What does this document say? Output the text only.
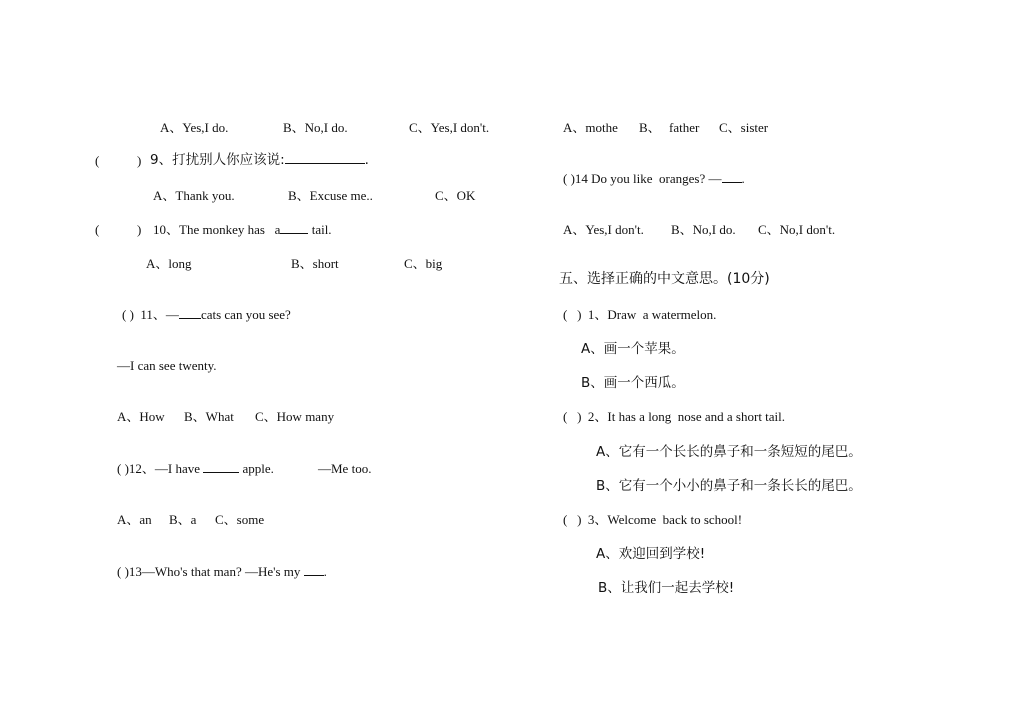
A、Yes,I do.	B、No,I do.	C、Yes,I don't.
(	) 9、打扰别人你应该说:	.
A、Thank you.	B、Excuse me..	C、OK
(	) 10、The monkey has   a tail.
A、long	B、short	C、big
( )  11、— cats can you see?
—I can see twenty.
A、How B、What C、How many
( )12、—I have	apple.	—Me too.
A、an B、a C、some
( )13—Who's that man? —He's my .
A、mothe B、 father C、sister
( )14 Do you like  oranges? — .
A、Yes,I don't. B、No,I do. C、No,I don't.
五、选择正确的中文意思。(10分)
(   )  1、Draw  a watermelon.
A、画一个苹果。
B、画一个西瓜。
(   )  2、It has a long  nose and a short tail.
A、它有一个长长的鼻子和一条短短的尾巴。
B、它有一个小小的鼻子和一条长长的尾巴。
(   )  3、Welcome  back to school!
A、欢迎回到学校!
B、让我们一起去学校!
